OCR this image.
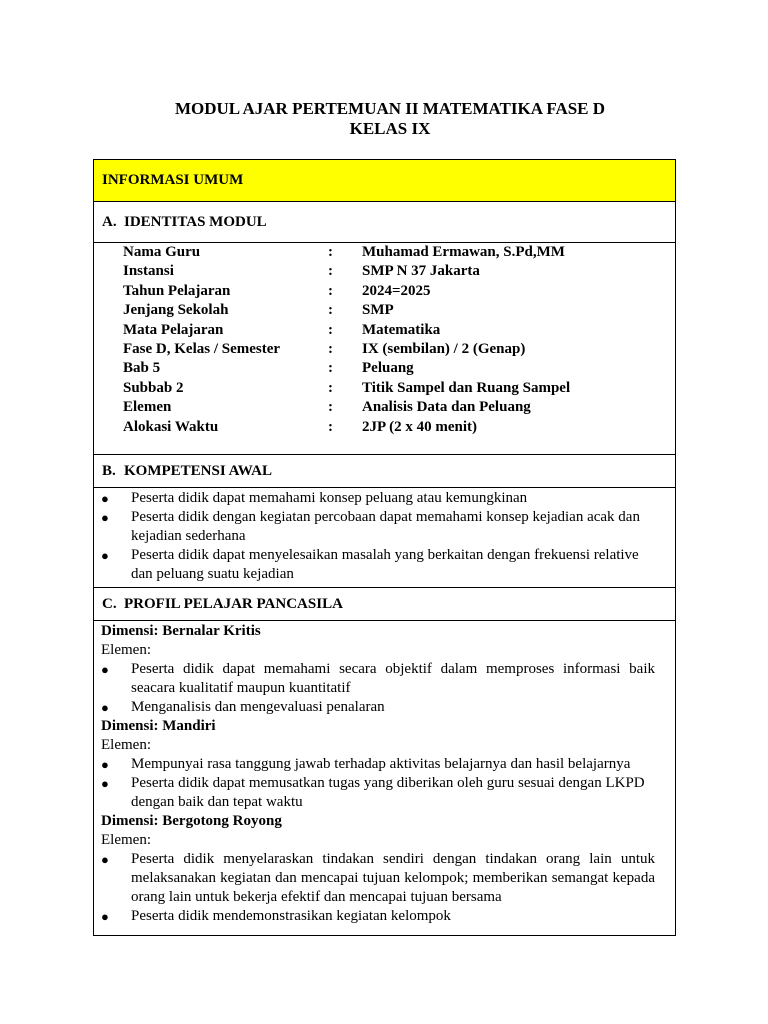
MODUL AJAR PERTEMUAN II MATEMATIKA FASE D
KELAS IX
INFORMASI UMUM
A. IDENTITAS MODUL
Nama Guru	:	Muhamad Ermawan, S.Pd,MM
Instansi	:	SMP N 37 Jakarta
Tahun Pelajaran	:	2024=2025
Jenjang Sekolah	:	SMP
Mata Pelajaran	:	Matematika
Fase D, Kelas / Semester	:	IX (sembilan) / 2 (Genap)
Bab 5	:	Peluang
Subbab 2	:	Titik Sampel dan Ruang Sampel
Elemen	:	Analisis Data dan Peluang
Alokasi Waktu	:	2JP (2 x 40 menit)
B. KOMPETENSI AWAL
●	Peserta didik dapat memahami konsep peluang atau kemungkinan
●	Peserta didik dengan kegiatan percobaan dapat memahami konsep kejadian acak dan kejadian sederhana
●	Peserta didik dapat menyelesaikan masalah yang berkaitan dengan frekuensi relative dan peluang suatu kejadian
C. PROFIL PELAJAR PANCASILA
Dimensi: Bernalar Kritis
Elemen:
●	Peserta didik dapat memahami secara objektif dalam memproses informasi baik seacara kualitatif maupun kuantitatif
●	Menganalisis dan mengevaluasi penalaran
Dimensi: Mandiri
Elemen:
●	Mempunyai rasa tanggung jawab terhadap aktivitas belajarnya dan hasil belajarnya
●	Peserta didik dapat memusatkan tugas yang diberikan oleh guru sesuai dengan LKPD dengan baik dan tepat waktu
Dimensi: Bergotong Royong
Elemen:
●	Peserta didik menyelaraskan tindakan sendiri dengan tindakan orang lain untuk melaksanakan kegiatan dan mencapai tujuan kelompok; memberikan semangat kepada orang lain untuk bekerja efektif dan mencapai tujuan bersama
●	Peserta didik mendemonstrasikan kegiatan kelompok
